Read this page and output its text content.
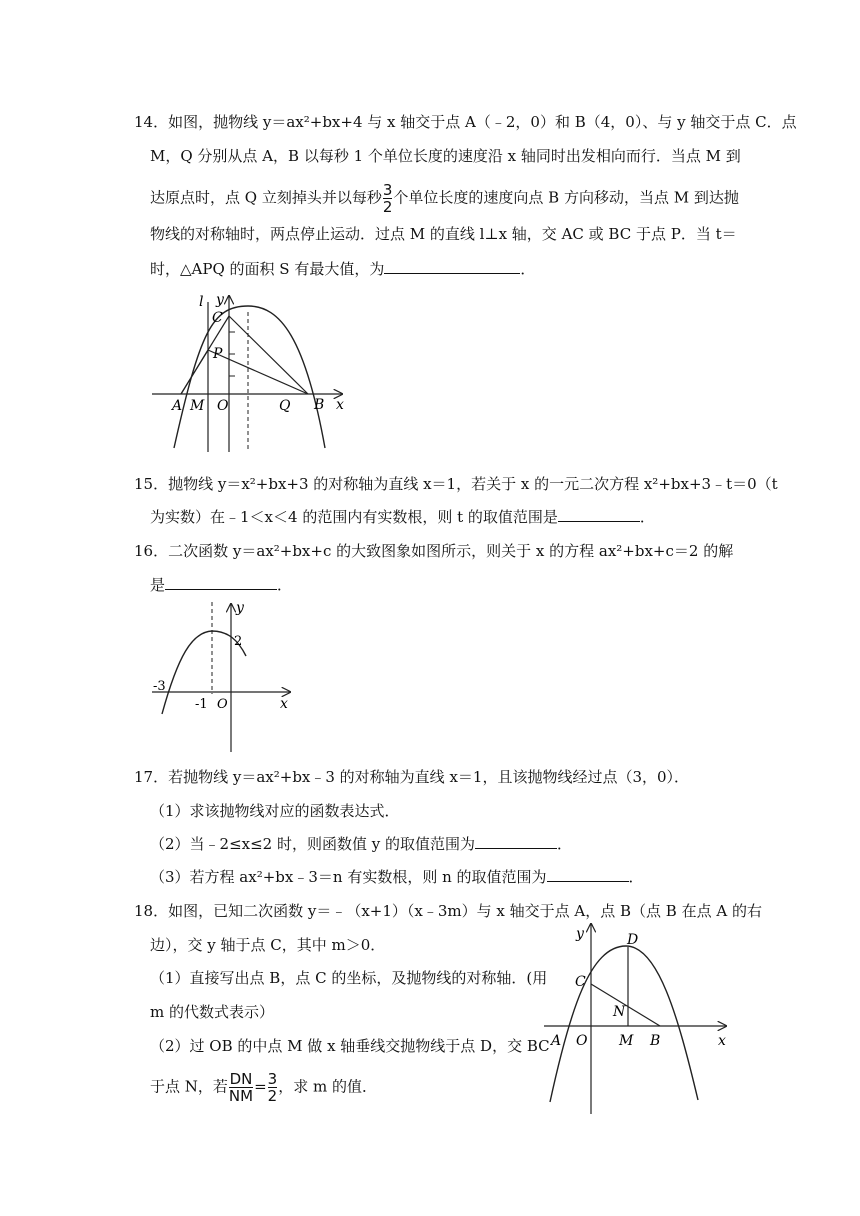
14．如图，抛物线 y＝ax²+bx+4 与 x 轴交于点 A（﹣2，0）和 B（4，0）、与 y 轴交于点 C．点
M，Q 分别从点 A，B 以每秒 1 个单位长度的速度沿 x 轴同时出发相向而行．当点 M 到
达原点时，点 Q 立刻掉头并以每秒 $\frac{3}{2}$ 个单位长度的速度向点 B 方向移动，当点 M 到达抛
物线的对称轴时，两点停止运动．过点 M 的直线 l⊥x 轴，交 AC 或 BC 于点 P．当 t＝
时，△APQ 的面积 S 有最大值，为	．
l y
C
P
A M O	Q B x
15．抛物线 y＝x²+bx+3 的对称轴为直线 x＝1，若关于 x 的一元二次方程 x²+bx+3﹣t＝0（t
为实数）在﹣1＜x＜4 的范围内有实数根，则 t 的取值范围是	．
16．二次函数 y＝ax²+bx+c 的大致图象如图所示，则关于 x 的方程 ax²+bx+c＝2 的解
是	．
y
2
-3
-1 O	x
17．若抛物线 y＝ax²+bx﹣3 的对称轴为直线 x＝1，且该抛物线经过点（3，0）．
（1）求该抛物线对应的函数表达式．
（2）当﹣2≤x≤2 时，则函数值 y 的取值范围为	．
（3）若方程 ax²+bx﹣3＝n 有实数根，则 n 的取值范围为	．
18．如图，已知二次函数 y＝﹣（x+1）（x﹣3m）与 x 轴交于点 A，点 B（点 B 在点 A 的右
边），交 y 轴于点 C，其中 m＞0．
（1）直接写出点 B，点 C 的坐标，及抛物线的对称轴．(用
m 的代数式表示）
（2）过 OB 的中点 M 做 x 轴垂线交抛物线于点 D，交 BC
于点 N，若 $\frac{DN}{NM} = \frac{3}{2}$ ，求 m 的值．
y	D
C
N
A O M B	x
